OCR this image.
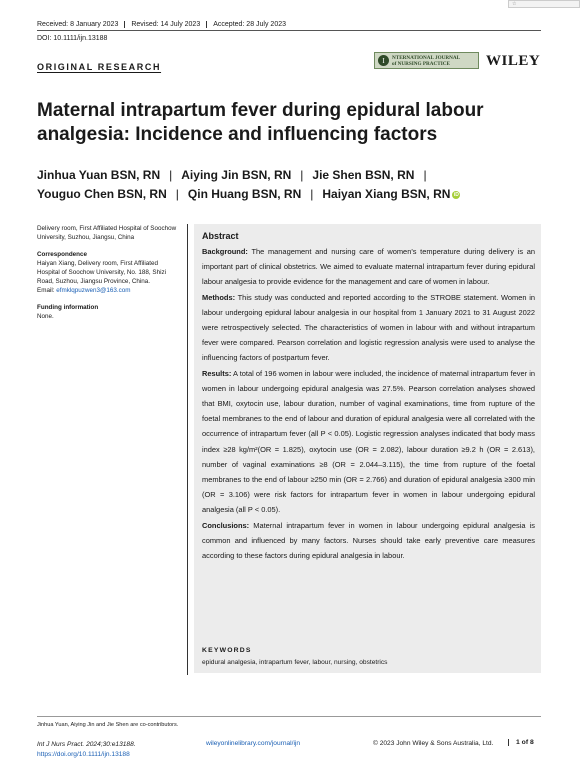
☆
Received: 8 January 2023	Revised: 14 July 2023	Accepted: 28 July 2023
DOI: 10.1111/ijn.13188
ORIGINAL RESEARCH
I	NTERNATIONAL JOURNAL
of NURSING PRACTICE	WILEY
Maternal intrapartum fever during epidural labour analgesia: Incidence and influencing factors
Jinhua Yuan BSN, RN | Aiying Jin BSN, RN | Jie Shen BSN, RN |
Youguo Chen BSN, RN | Qin Huang BSN, RN | Haiyan Xiang BSN, RN iD
Delivery room, First Affiliated Hospital of Soochow University, Suzhou, Jiangsu, China
Correspondence
Haiyan Xiang, Delivery room, First Affiliated Hospital of Soochow University, No. 188, Shizi Road, Suzhou, Jiangsu Province, China.
Email: efmklqpuzwen3@163.com
Funding information
None.
Abstract

Background: The management and nursing care of women's temperature during delivery is an important part of clinical obstetrics. We aimed to evaluate maternal intrapartum fever during epidural labour analgesia to provide evidence for the management and care of women in labour.

Methods: This study was conducted and reported according to the STROBE statement. Women in labour undergoing epidural labour analgesia in our hospital from 1 January 2021 to 31 August 2022 were retrospectively selected. The characteristics of women in labour with and without intrapartum fever were compared. Pearson correlation and logistic regression analysis were used to analyse the influencing factors of postpartum fever.

Results: A total of 196 women in labour were included, the incidence of maternal intrapartum fever in women in labour undergoing epidural analgesia was 27.5%. Pearson correlation analyses showed that BMI, oxytocin use, labour duration, number of vaginal examinations, time from rupture of the foetal membranes to the end of labour and duration of epidural analgesia were all correlated with the occurrence of intrapartum fever (all P < 0.05). Logistic regression analyses indicated that body mass index ≥28 kg/m²(OR = 1.825), oxytocin use (OR = 2.082), labour duration ≥9.2 h (OR = 2.613), number of vaginal examinations ≥8 (OR = 2.044–3.115), the time from rupture of the foetal membranes to the end of labour ≥250 min (OR = 2.766) and duration of epidural analgesia ≥300 min (OR = 3.106) were risk factors for intrapartum fever in women in labour undergoing epidural analgesia (all P < 0.05).

Conclusions: Maternal intrapartum fever in women in labour undergoing epidural analgesia is common and influenced by many factors. Nurses should take early preventive care measures according to these factors during epidural analgesia in labour.

KEYWORDS
epidural analgesia, intrapartum fever, labour, nursing, obstetrics
Jinhua Yuan, Aiying Jin and Jie Shen are co-contributors.
Int J Nurs Pract. 2024;30:e13188.
https://doi.org/10.1111/ijn.13188
wileyonlinelibrary.com/journal/ijn	© 2023 John Wiley & Sons Australia, Ltd.	1 of 8
